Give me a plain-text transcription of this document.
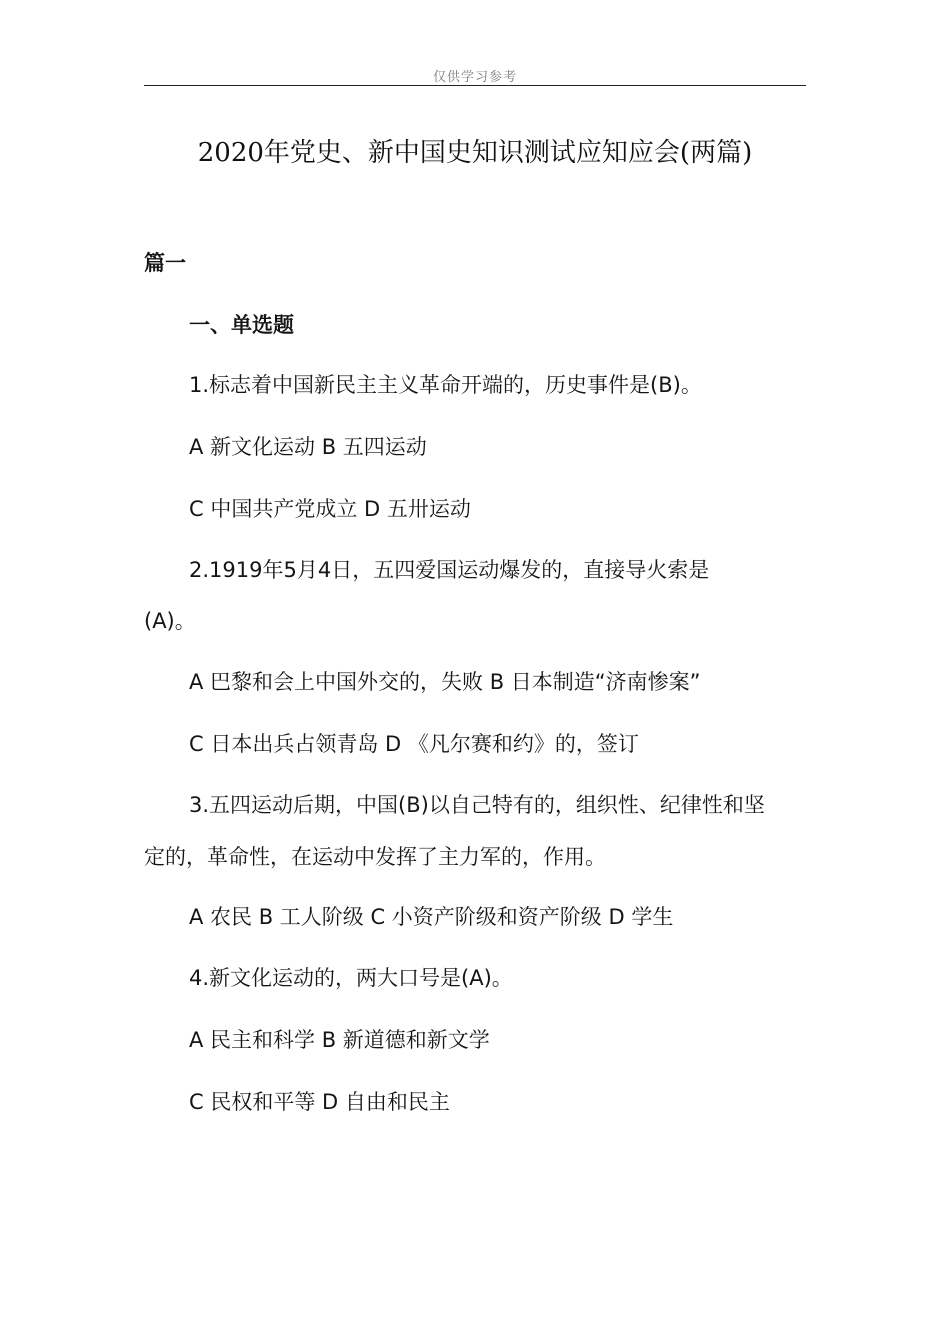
仅供学习参考
2020年党史、新中国史知识测试应知应会(两篇)
篇一
一、单选题
1.标志着中国新民主主义革命开端的，历史事件是(B)。
A 新文化运动 B 五四运动
C 中国共产党成立 D 五卅运动
2.1919年5月4日，五四爱国运动爆发的，直接导火索是
(A)。
A 巴黎和会上中国外交的，失败 B 日本制造“济南惨案”
C 日本出兵占领青岛 D 《凡尔赛和约》的，签订
3.五四运动后期，中国(B)以自己特有的，组织性、纪律性和坚
定的，革命性，在运动中发挥了主力军的，作用。
A 农民 B 工人阶级 C 小资产阶级和资产阶级 D 学生
4.新文化运动的，两大口号是(A)。
A 民主和科学 B 新道德和新文学
C 民权和平等 D 自由和民主
